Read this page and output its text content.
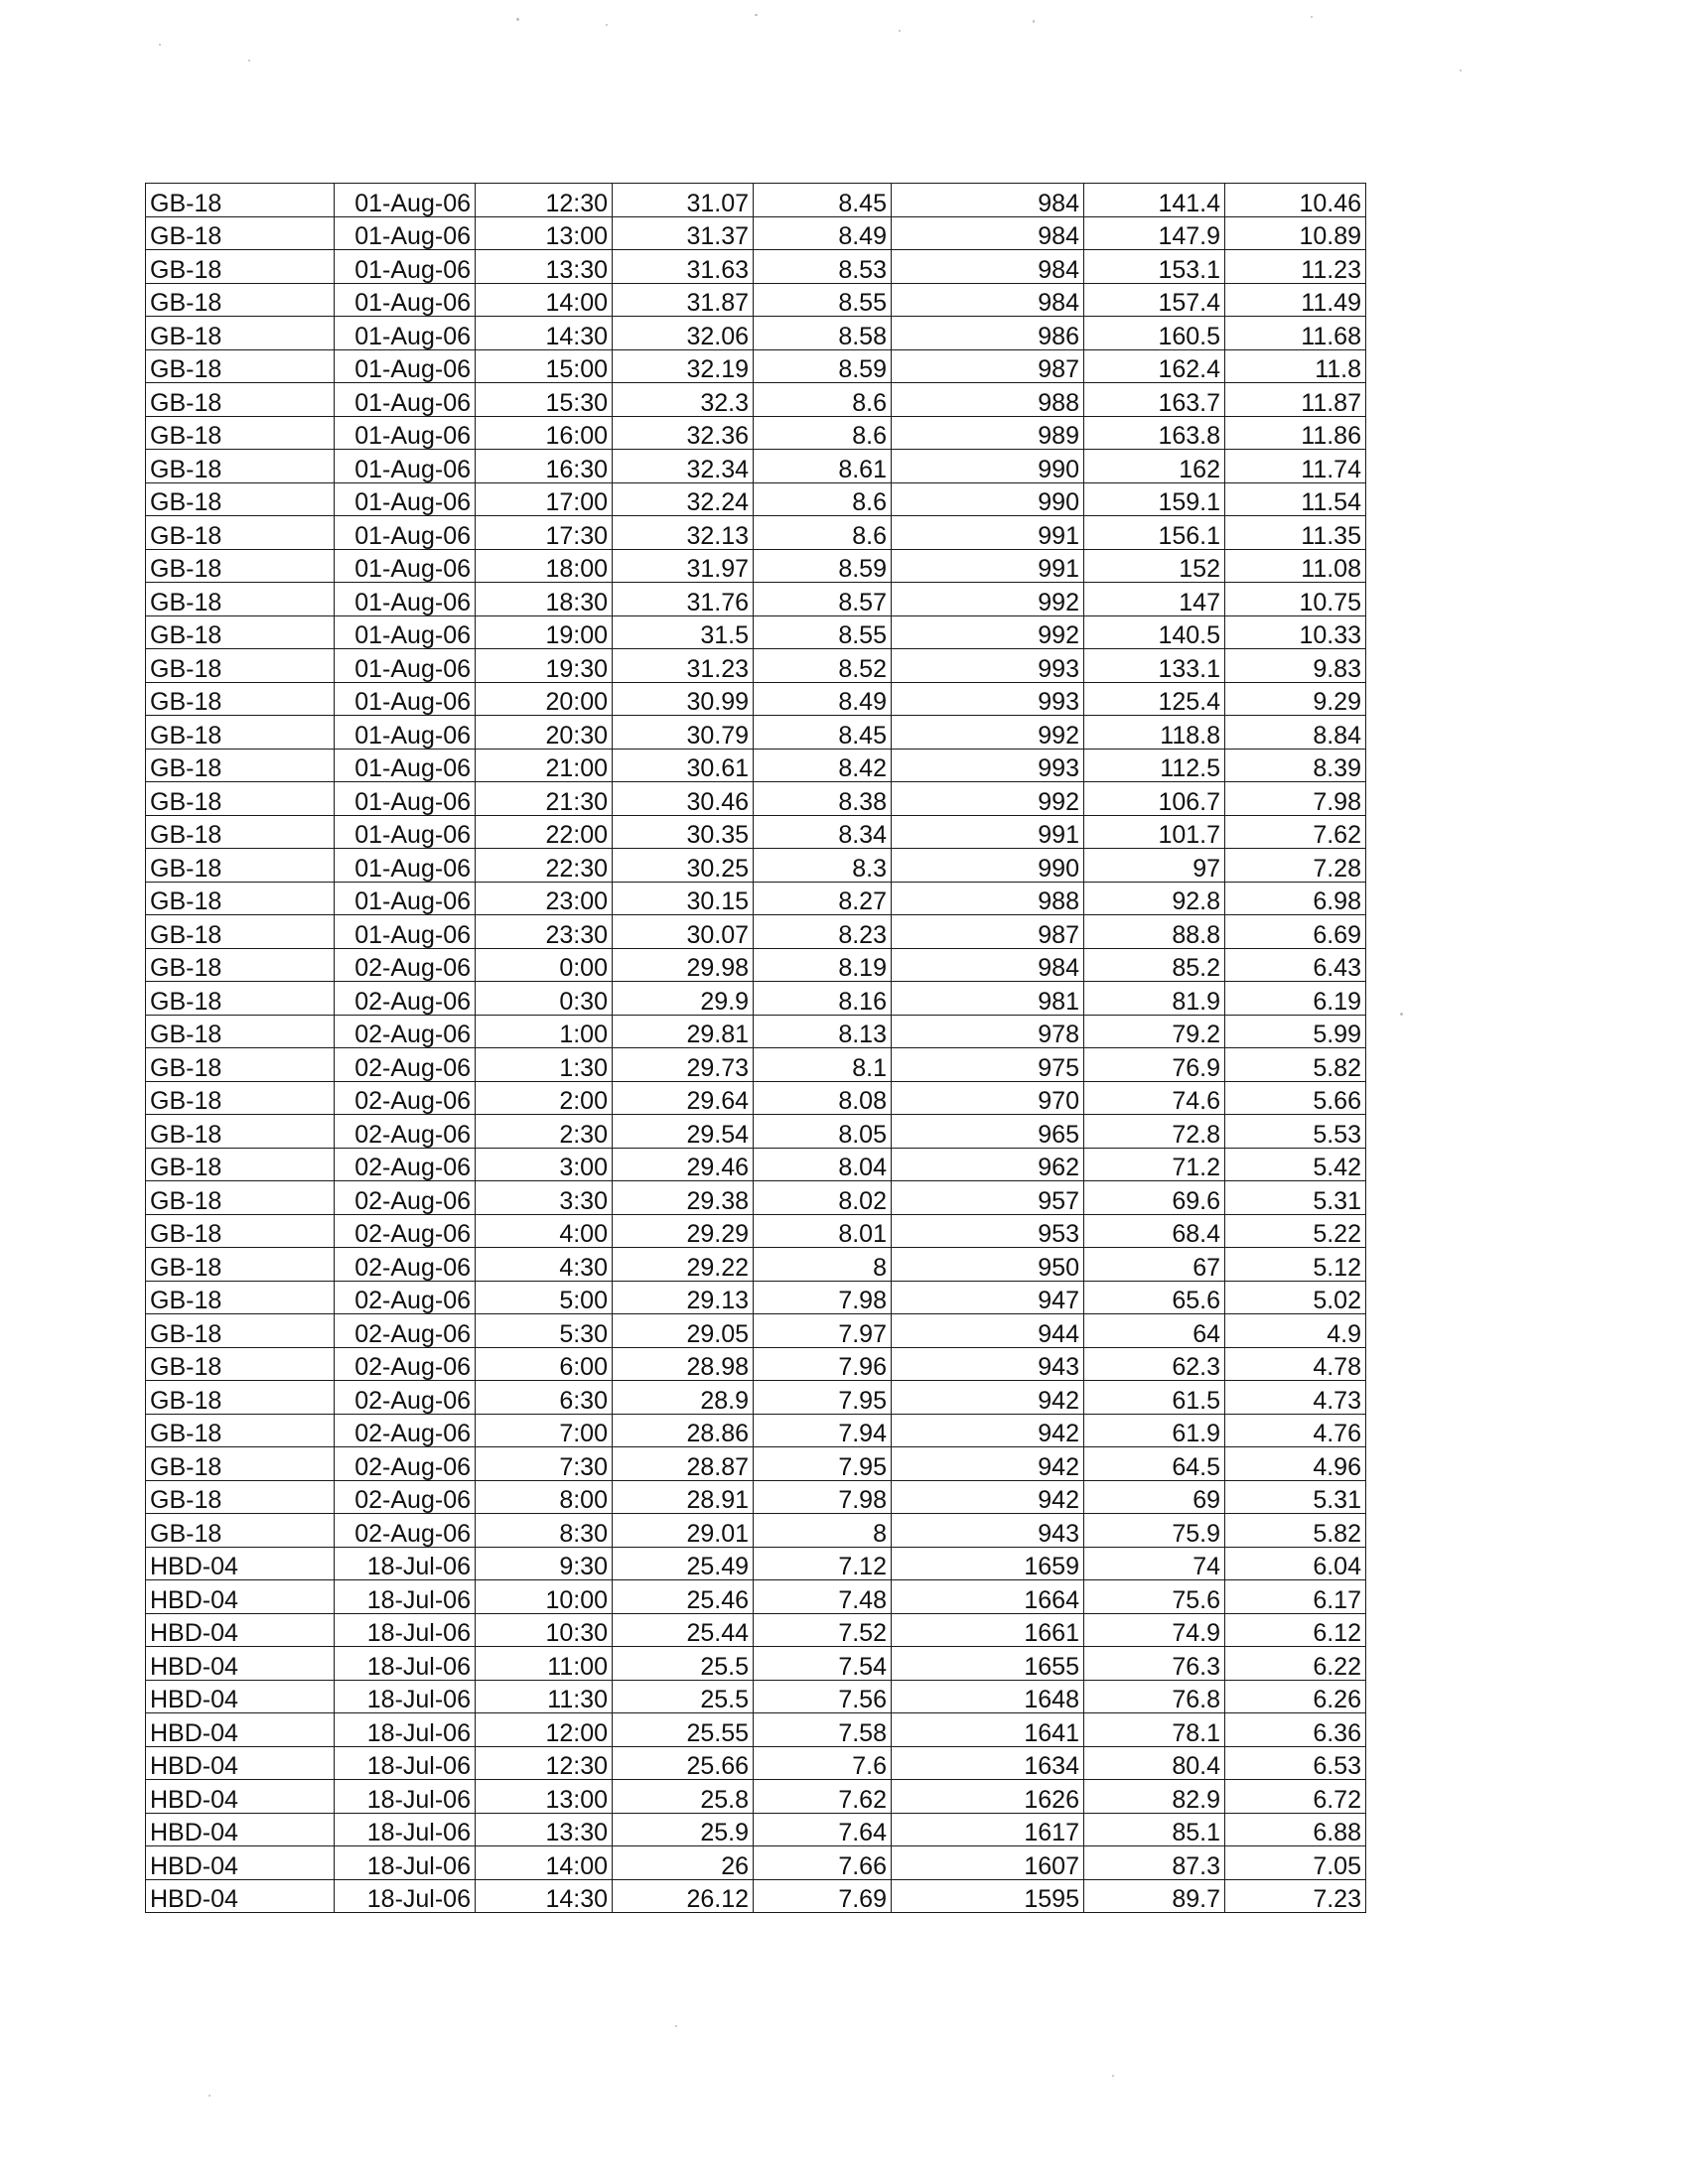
GB-18	01-Aug-06	12:30	31.07	8.45	984	141.4	10.46
GB-18	01-Aug-06	13:00	31.37	8.49	984	147.9	10.89
GB-18	01-Aug-06	13:30	31.63	8.53	984	153.1	11.23
GB-18	01-Aug-06	14:00	31.87	8.55	984	157.4	11.49
GB-18	01-Aug-06	14:30	32.06	8.58	986	160.5	11.68
GB-18	01-Aug-06	15:00	32.19	8.59	987	162.4	11.8
GB-18	01-Aug-06	15:30	32.3	8.6	988	163.7	11.87
GB-18	01-Aug-06	16:00	32.36	8.6	989	163.8	11.86
GB-18	01-Aug-06	16:30	32.34	8.61	990	162	11.74
GB-18	01-Aug-06	17:00	32.24	8.6	990	159.1	11.54
GB-18	01-Aug-06	17:30	32.13	8.6	991	156.1	11.35
GB-18	01-Aug-06	18:00	31.97	8.59	991	152	11.08
GB-18	01-Aug-06	18:30	31.76	8.57	992	147	10.75
GB-18	01-Aug-06	19:00	31.5	8.55	992	140.5	10.33
GB-18	01-Aug-06	19:30	31.23	8.52	993	133.1	9.83
GB-18	01-Aug-06	20:00	30.99	8.49	993	125.4	9.29
GB-18	01-Aug-06	20:30	30.79	8.45	992	118.8	8.84
GB-18	01-Aug-06	21:00	30.61	8.42	993	112.5	8.39
GB-18	01-Aug-06	21:30	30.46	8.38	992	106.7	7.98
GB-18	01-Aug-06	22:00	30.35	8.34	991	101.7	7.62
GB-18	01-Aug-06	22:30	30.25	8.3	990	97	7.28
GB-18	01-Aug-06	23:00	30.15	8.27	988	92.8	6.98
GB-18	01-Aug-06	23:30	30.07	8.23	987	88.8	6.69
GB-18	02-Aug-06	0:00	29.98	8.19	984	85.2	6.43
GB-18	02-Aug-06	0:30	29.9	8.16	981	81.9	6.19
GB-18	02-Aug-06	1:00	29.81	8.13	978	79.2	5.99
GB-18	02-Aug-06	1:30	29.73	8.1	975	76.9	5.82
GB-18	02-Aug-06	2:00	29.64	8.08	970	74.6	5.66
GB-18	02-Aug-06	2:30	29.54	8.05	965	72.8	5.53
GB-18	02-Aug-06	3:00	29.46	8.04	962	71.2	5.42
GB-18	02-Aug-06	3:30	29.38	8.02	957	69.6	5.31
GB-18	02-Aug-06	4:00	29.29	8.01	953	68.4	5.22
GB-18	02-Aug-06	4:30	29.22	8	950	67	5.12
GB-18	02-Aug-06	5:00	29.13	7.98	947	65.6	5.02
GB-18	02-Aug-06	5:30	29.05	7.97	944	64	4.9
GB-18	02-Aug-06	6:00	28.98	7.96	943	62.3	4.78
GB-18	02-Aug-06	6:30	28.9	7.95	942	61.5	4.73
GB-18	02-Aug-06	7:00	28.86	7.94	942	61.9	4.76
GB-18	02-Aug-06	7:30	28.87	7.95	942	64.5	4.96
GB-18	02-Aug-06	8:00	28.91	7.98	942	69	5.31
GB-18	02-Aug-06	8:30	29.01	8	943	75.9	5.82
HBD-04	18-Jul-06	9:30	25.49	7.12	1659	74	6.04
HBD-04	18-Jul-06	10:00	25.46	7.48	1664	75.6	6.17
HBD-04	18-Jul-06	10:30	25.44	7.52	1661	74.9	6.12
HBD-04	18-Jul-06	11:00	25.5	7.54	1655	76.3	6.22
HBD-04	18-Jul-06	11:30	25.5	7.56	1648	76.8	6.26
HBD-04	18-Jul-06	12:00	25.55	7.58	1641	78.1	6.36
HBD-04	18-Jul-06	12:30	25.66	7.6	1634	80.4	6.53
HBD-04	18-Jul-06	13:00	25.8	7.62	1626	82.9	6.72
HBD-04	18-Jul-06	13:30	25.9	7.64	1617	85.1	6.88
HBD-04	18-Jul-06	14:00	26	7.66	1607	87.3	7.05
HBD-04	18-Jul-06	14:30	26.12	7.69	1595	89.7	7.23
